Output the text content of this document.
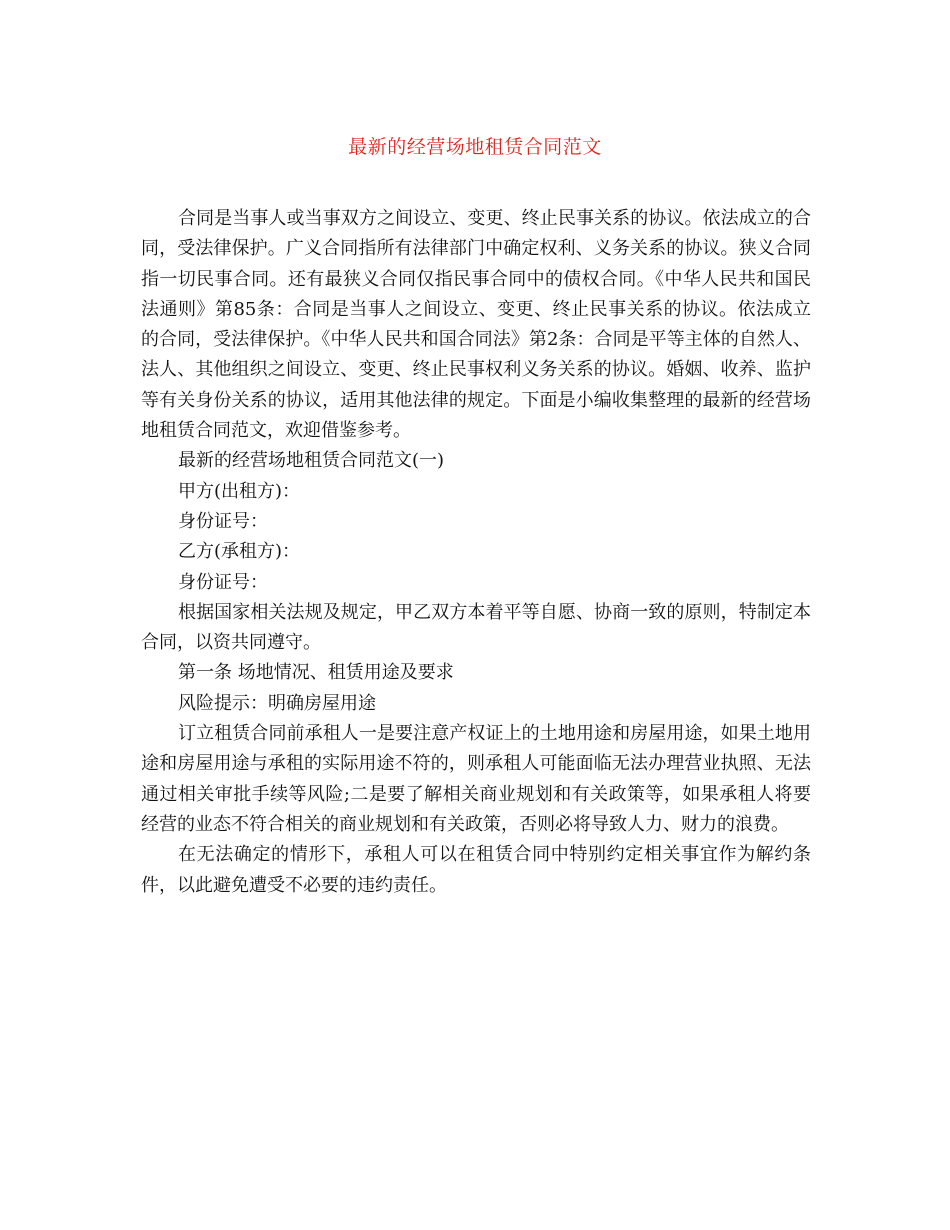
最新的经营场地租赁合同范文

合同是当事人或当事双方之间设立、变更、终止民事关系的协议。依法成立的合同，受法律保护。广义合同指所有法律部门中确定权利、义务关系的协议。狭义合同指一切民事合同。还有最狭义合同仅指民事合同中的债权合同。《中华人民共和国民法通则》第85条：合同是当事人之间设立、变更、终止民事关系的协议。依法成立的合同，受法律保护。《中华人民共和国合同法》第2条：合同是平等主体的自然人、法人、其他组织之间设立、变更、终止民事权利义务关系的协议。婚姻、收养、监护等有关身份关系的协议，适用其他法律的规定。下面是小编收集整理的最新的经营场地租赁合同范文，欢迎借鉴参考。

最新的经营场地租赁合同范文(一)

甲方(出租方)：

身份证号：

乙方(承租方)：

身份证号：

根据国家相关法规及规定，甲乙双方本着平等自愿、协商一致的原则，特制定本合同，以资共同遵守。

第一条 场地情况、租赁用途及要求

风险提示：明确房屋用途

订立租赁合同前承租人一是要注意产权证上的土地用途和房屋用途，如果土地用途和房屋用途与承租的实际用途不符的，则承租人可能面临无法办理营业执照、无法通过相关审批手续等风险;二是要了解相关商业规划和有关政策等，如果承租人将要经营的业态不符合相关的商业规划和有关政策，否则必将导致人力、财力的浪费。

在无法确定的情形下，承租人可以在租赁合同中特别约定相关事宜作为解约条件，以此避免遭受不必要的违约责任。
